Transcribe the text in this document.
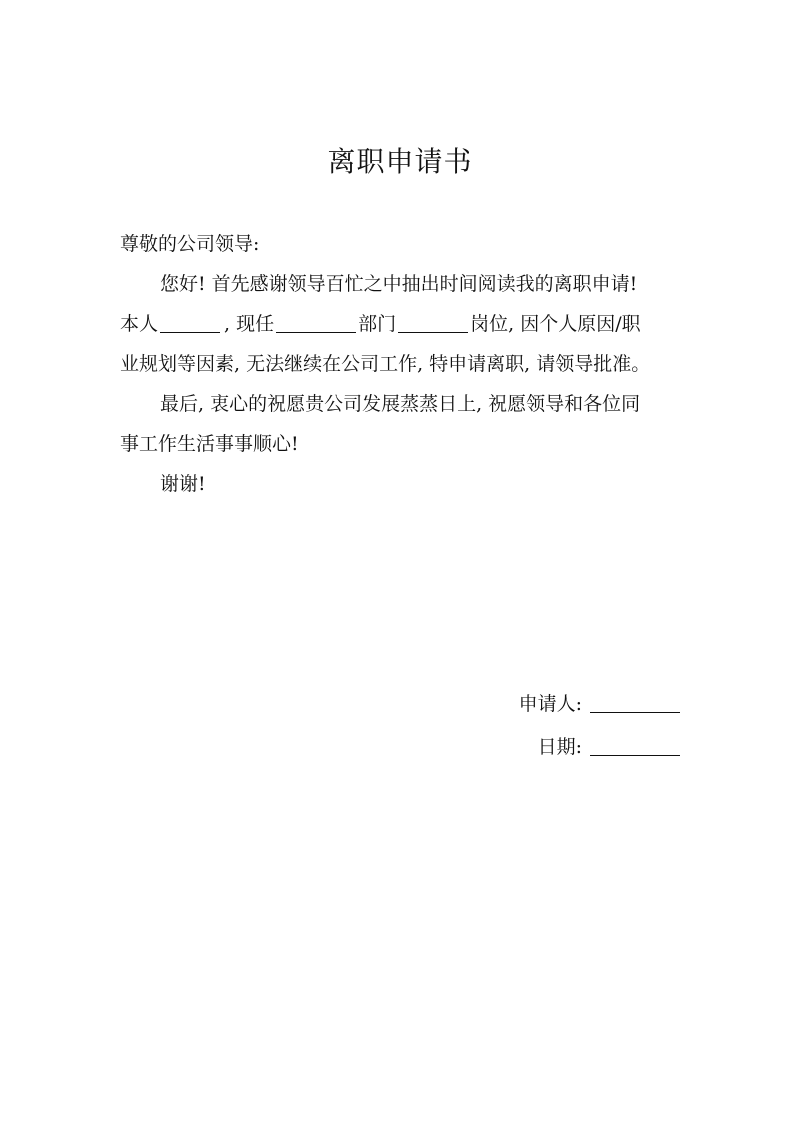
离职申请书
尊敬的公司领导:
您好! 首先感谢领导百忙之中抽出时间阅读我的离职申请!
本人	, 现任	部门	岗位, 因个人原因/职
业规划等因素, 无法继续在公司工作, 特申请离职, 请领导批准。
最后, 衷心的祝愿贵公司发展蒸蒸日上, 祝愿领导和各位同
事工作生活事事顺心!
谢谢!
申请人:
日期:
